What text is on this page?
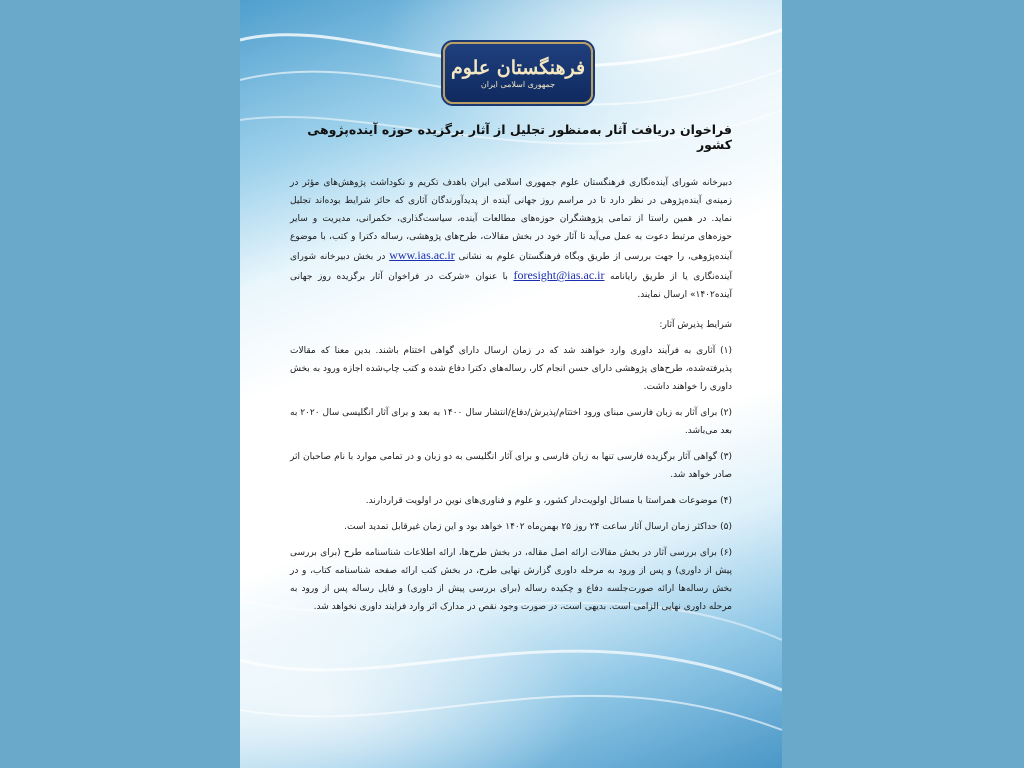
فرهنگستان علوم
جمهوری اسلامی ایران
فراخوان دریافت آثار به‌منظور تجلیل از آثار برگزیده حوزه آینده‌پژوهی کشور

دبیرخانه شورای آینده‌نگاری فرهنگستان علوم جمهوری اسلامی ایران باهدف تکریم و نکوداشت پژوهش‌های مؤثر در زمینه‌ی آینده‌پژوهی در نظر دارد تا در مراسم روز جهانی آینده از پدیدآورندگان آثاری که حائز شرایط بوده‌اند تجلیل نماید. در همین راستا از تمامی پژوهشگران حوزه‌های مطالعات آینده، سیاست‌گذاری، حکمرانی، مدیریت و سایر حوزه‌های مرتبط دعوت به عمل می‌آید تا آثار خود در بخش مقالات، طرح‌های پژوهشی، رساله دکترا و کتب، با موضوع آینده‌پژوهی، را جهت بررسی از طریق وبگاه فرهنگستان علوم به نشانی www.ias.ac.ir در بخش دبیرخانه شورای آینده‌نگاری یا از طریق رایانامه foresight@ias.ac.ir با عنوان «شرکت در فراخوان آثار برگزیده روز جهانی آینده۱۴۰۲» ارسال نمایند.

شرایط پذیرش آثار:

(۱) آثاری به فرآیند داوری وارد خواهند شد که در زمان ارسال دارای گواهی اختتام باشند. بدین معنا که مقالات پذیرفته‌شده، طرح‌های پژوهشی دارای حسن انجام کار، رساله‌های دکترا دفاع شده و کتب چاپ‌شده اجازه ورود به بخش داوری را خواهند داشت.

(۲) برای آثار به زبان فارسی مبنای ورود اختتام/پذیرش/دفاع/انتشار سال ۱۴۰۰ به بعد و برای آثار انگلیسی سال ۲۰۲۰ به بعد می‌باشد.

(۳) گواهی آثار برگزیده فارسی تنها به زبان فارسی و برای آثار انگلیسی به دو زبان و در تمامی موارد با نام صاحبان اثر صادر خواهد شد.

(۴) موضوعات همراستا با مسائل اولویت‌دار کشور، و علوم و فناوری‌های نوین در اولویت قراردارند.

(۵) حداکثر زمان ارسال آثار ساعت ۲۴ روز ۲۵ بهمن‌ماه ۱۴۰۲ خواهد بود و این زمان غیرقابل تمدید است.

(۶) برای بررسی آثار در بخش مقالات ارائه اصل مقاله، در بخش طرح‌ها، ارائه اطلاعات شناسنامه طرح (برای بررسی پیش از داوری) و پس از ورود به مرحله داوری گزارش نهایی طرح، در بخش کتب ارائه صفحه شناسنامه کتاب، و در بخش رساله‌ها ارائه صورت‌جلسه دفاع و چکیده رساله (برای بررسی پیش از داوری) و فایل رساله پس از ورود به مرحله داوری نهایی الزامی است. بدیهی است، در صورت وجود نقص در مدارک اثر وارد فرایند داوری نخواهد شد.
